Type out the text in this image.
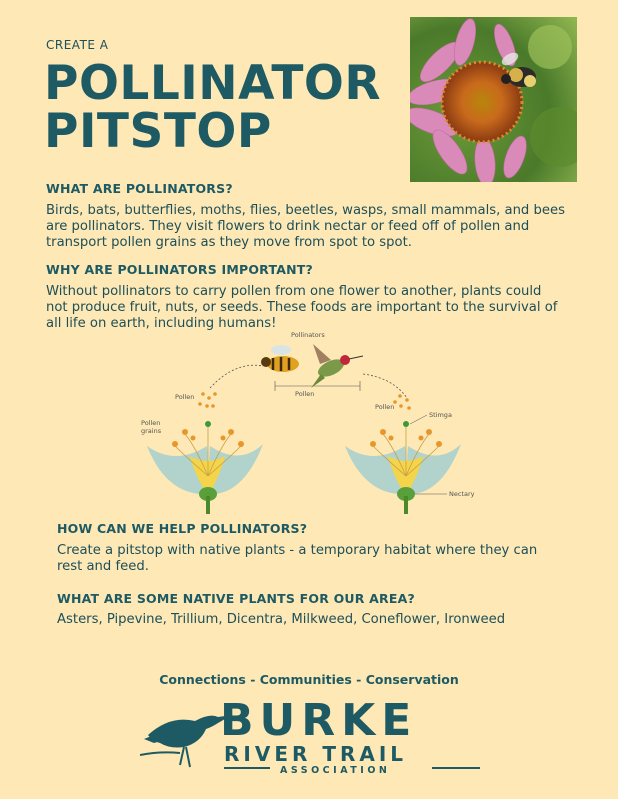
CREATE A
POLLINATOR
PITSTOP
WHAT ARE POLLINATORS?
Birds, bats, butterflies, moths, flies, beetles, wasps, small mammals, and bees
are pollinators. They visit flowers to drink nectar or feed off of pollen and
transport pollen grains as they move from spot to spot.
WHY ARE POLLINATORS IMPORTANT?
Without pollinators to carry pollen from one flower to another, plants could
not produce fruit, nuts, or seeds. These foods are important to the survival of
all life on earth, including humans!
Pollinators
Pollen
Pollen
Pollen
Pollen
grains
Stimga
Nectary
HOW CAN WE HELP POLLINATORS?
Create a pitstop with native plants - a temporary habitat where they can
rest and feed.
WHAT ARE SOME NATIVE PLANTS FOR OUR AREA?
Asters, Pipevine, Trillium, Dicentra, Milkweed, Coneflower, Ironweed
Connections - Communities - Conservation
BURKE
RIVER TRAIL
ASSOCIATION
